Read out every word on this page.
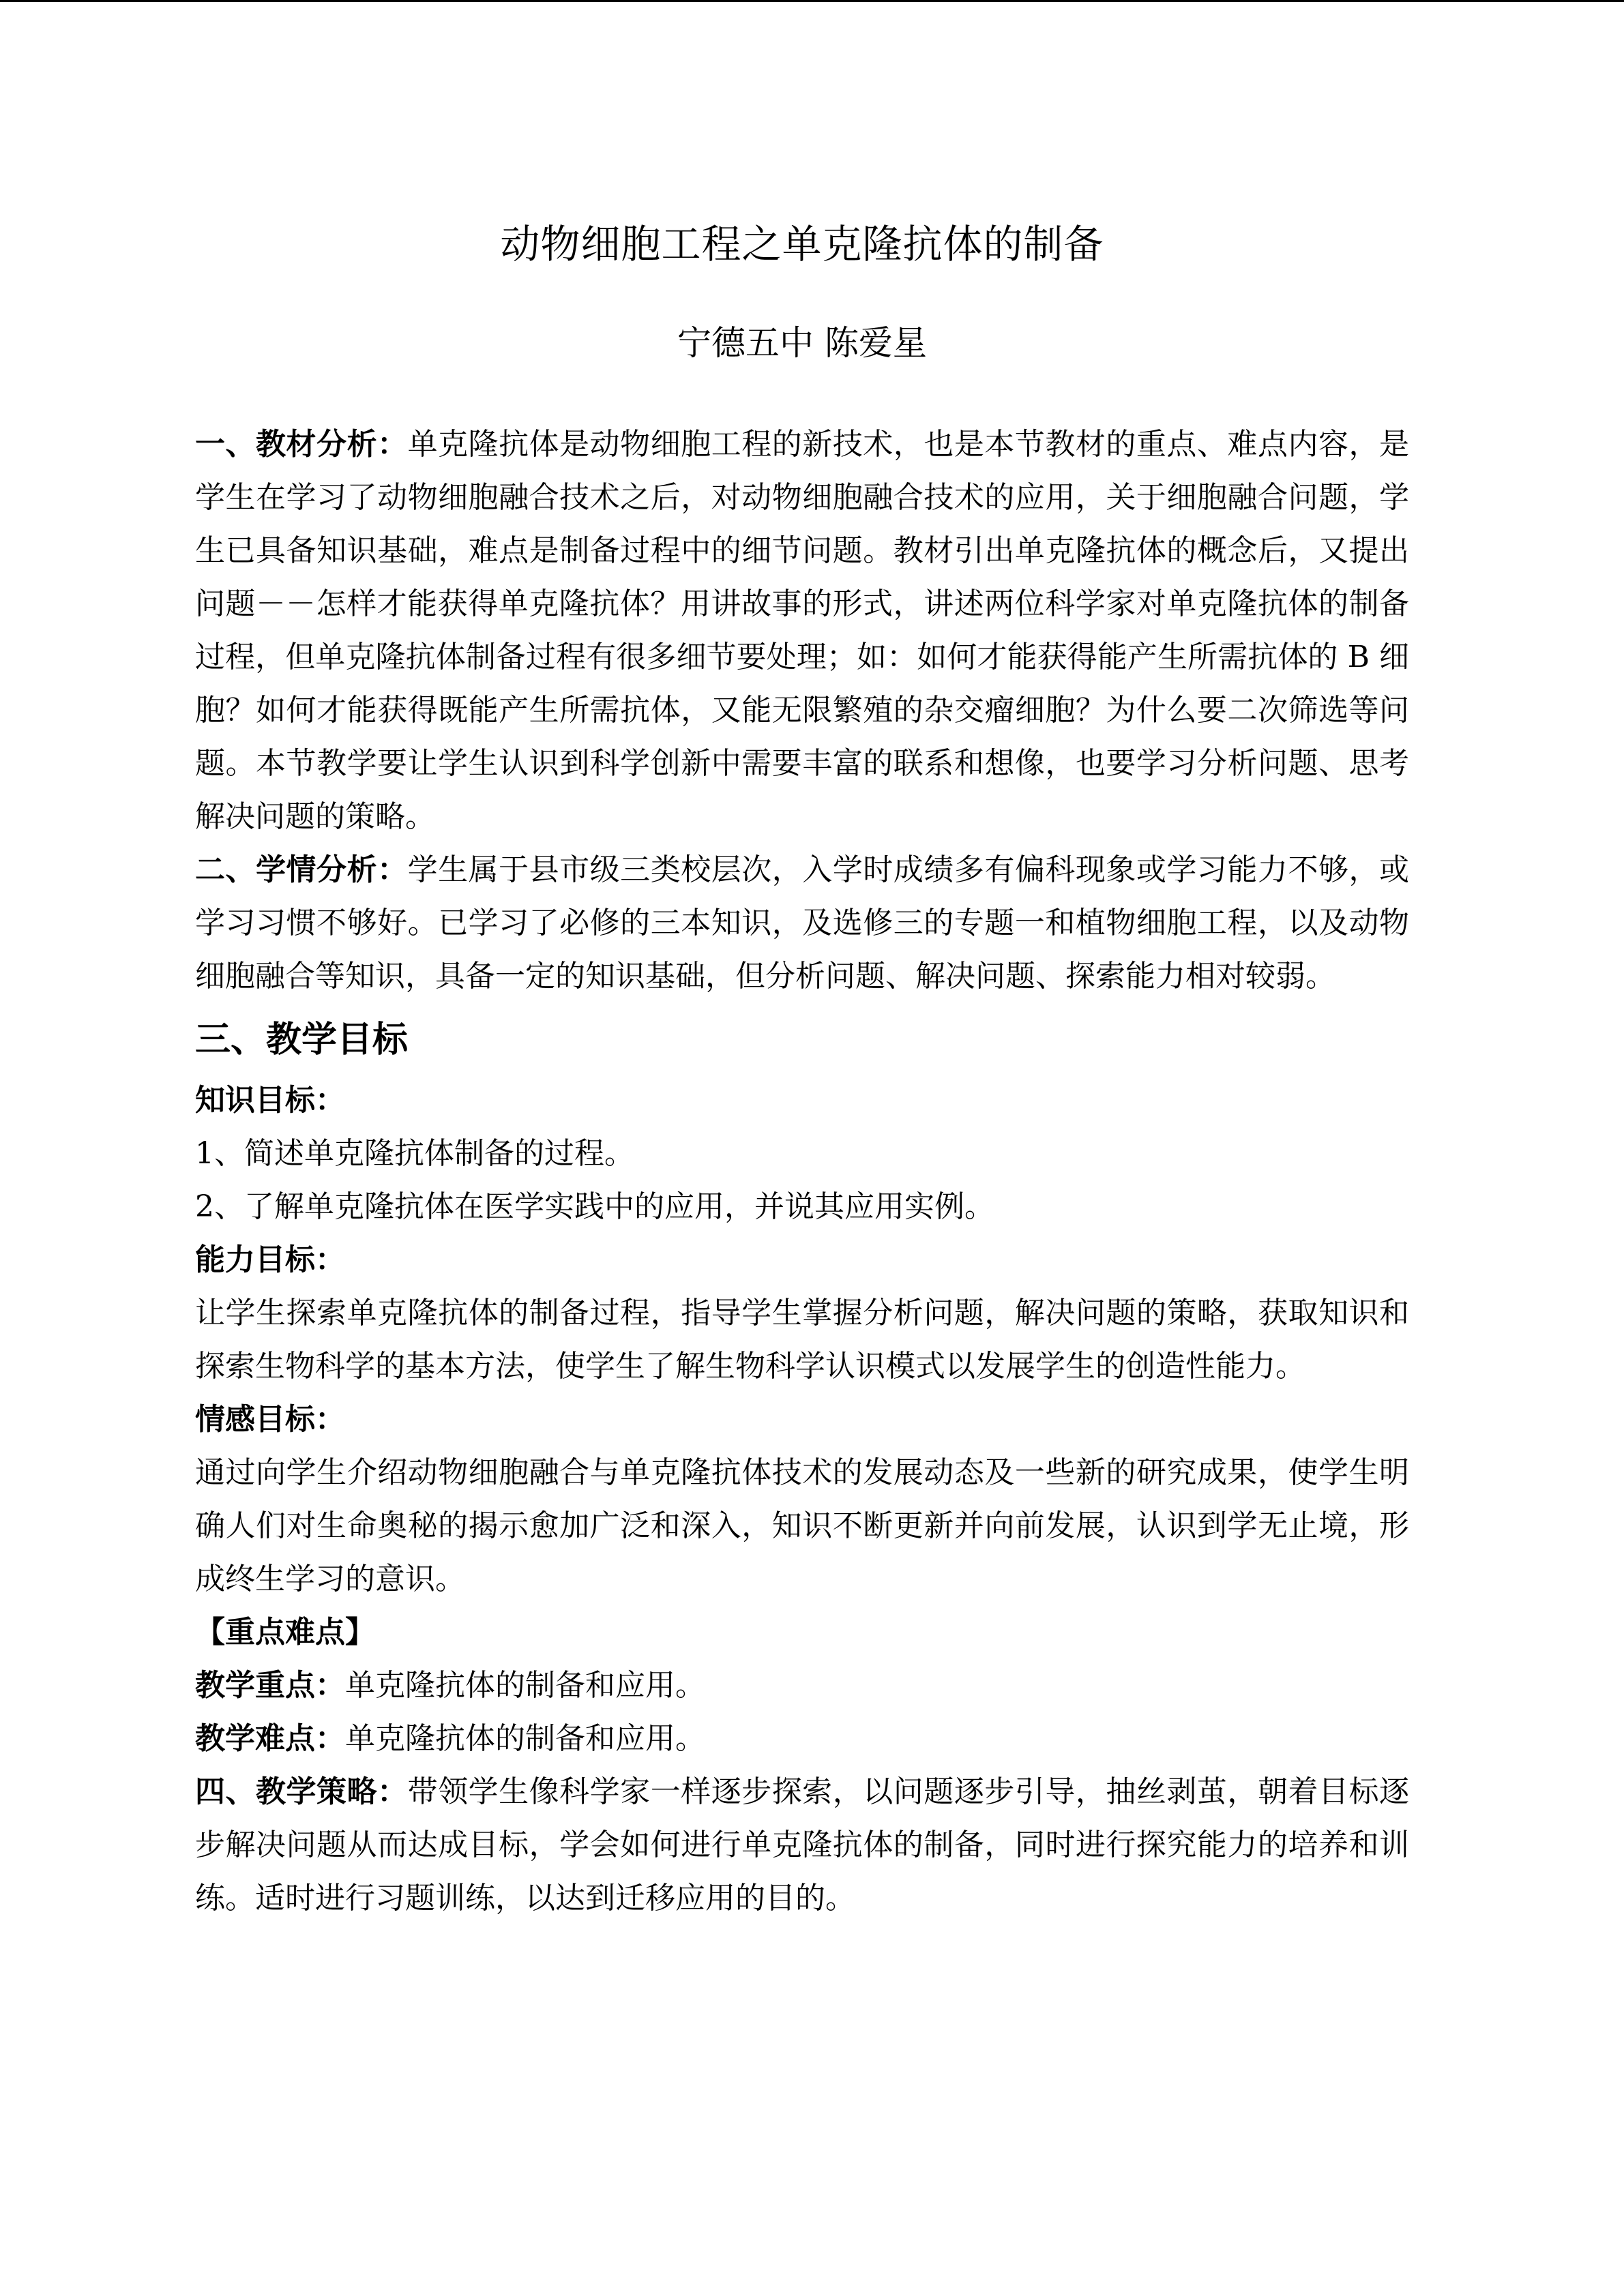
动物细胞工程之单克隆抗体的制备
宁德五中 陈爱星

一、教材分析：单克隆抗体是动物细胞工程的新技术，也是本节教材的重点、难点内容，是学生在学习了动物细胞融合技术之后，对动物细胞融合技术的应用，关于细胞融合问题，学生已具备知识基础，难点是制备过程中的细节问题。教材引出单克隆抗体的概念后，又提出问题－－怎样才能获得单克隆抗体？用讲故事的形式，讲述两位科学家对单克隆抗体的制备过程，但单克隆抗体制备过程有很多细节要处理；如：如何才能获得能产生所需抗体的 B 细胞？如何才能获得既能产生所需抗体，又能无限繁殖的杂交瘤细胞？为什么要二次筛选等问题。本节教学要让学生认识到科学创新中需要丰富的联系和想像，也要学习分析问题、思考解决问题的策略。

二、学情分析：学生属于县市级三类校层次，入学时成绩多有偏科现象或学习能力不够，或学习习惯不够好。已学习了必修的三本知识，及选修三的专题一和植物细胞工程，以及动物细胞融合等知识，具备一定的知识基础，但分析问题、解决问题、探索能力相对较弱。

三、教学目标
知识目标：

1、简述单克隆抗体制备的过程。

2、了解单克隆抗体在医学实践中的应用，并说其应用实例。

能力目标：

让学生探索单克隆抗体的制备过程，指导学生掌握分析问题，解决问题的策略，获取知识和探索生物科学的基本方法，使学生了解生物科学认识模式以发展学生的创造性能力。

情感目标：

通过向学生介绍动物细胞融合与单克隆抗体技术的发展动态及一些新的研究成果，使学生明确人们对生命奥秘的揭示愈加广泛和深入，知识不断更新并向前发展，认识到学无止境，形成终生学习的意识。

【重点难点】

教学重点：单克隆抗体的制备和应用。

教学难点：单克隆抗体的制备和应用。

四、教学策略：带领学生像科学家一样逐步探索，以问题逐步引导，抽丝剥茧，朝着目标逐步解决问题从而达成目标，学会如何进行单克隆抗体的制备，同时进行探究能力的培养和训练。适时进行习题训练，以达到迁移应用的目的。
